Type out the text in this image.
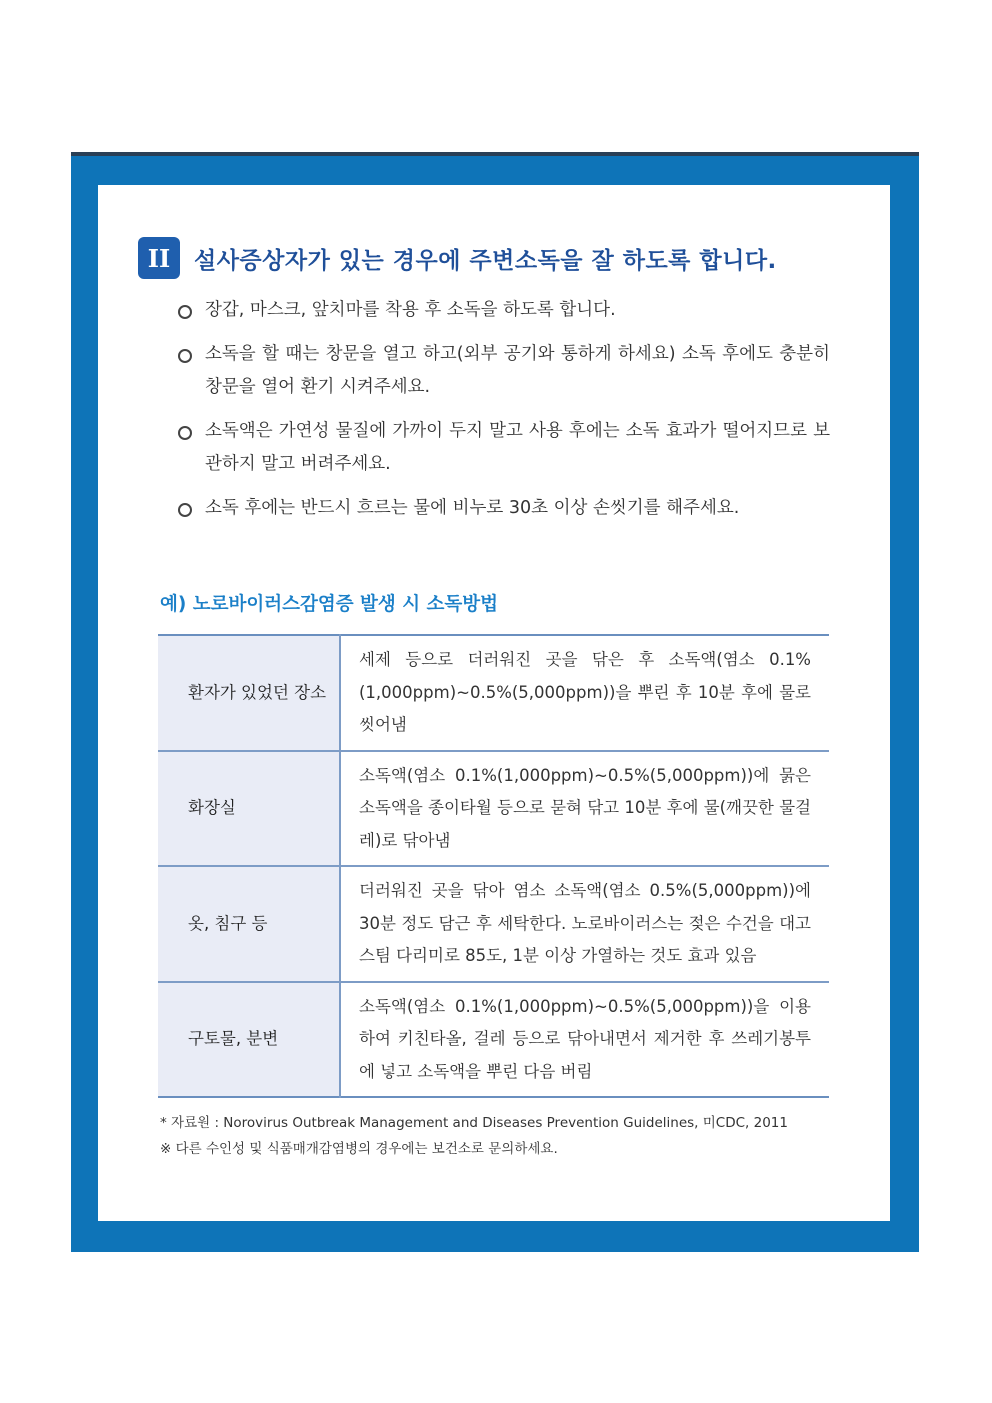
II	설사증상자가 있는 경우에 주변소독을 잘 하도록 합니다.
장갑, 마스크, 앞치마를 착용 후 소독을 하도록 합니다.
소독을 할 때는 창문을 열고 하고(외부 공기와 통하게 하세요) 소독 후에도 충분히 창문을 열어 환기 시켜주세요.
소독액은 가연성 물질에 가까이 두지 말고 사용 후에는 소독 효과가 떨어지므로 보관하지 말고 버려주세요.
소독 후에는 반드시 흐르는 물에 비누로 30초 이상 손씻기를 해주세요.
예) 노로바이러스감염증 발생 시 소독방법
환자가 있었던 장소	세제 등으로 더러워진 곳을 닦은 후 소독액(염소 0.1%(1,000ppm)~0.5%(5,000ppm))을 뿌린 후 10분 후에 물로 씻어냄
화장실	소독액(염소 0.1%(1,000ppm)~0.5%(5,000ppm))에 묽은 소독액을 종이타월 등으로 묻혀 닦고 10분 후에 물(깨끗한 물걸레)로 닦아냄
옷, 침구 등	더러워진 곳을 닦아 염소 소독액(염소 0.5%(5,000ppm))에 30분 정도 담근 후 세탁한다. 노로바이러스는 젖은 수건을 대고 스팀 다리미로 85도, 1분 이상 가열하는 것도 효과 있음
구토물, 분변	소독액(염소 0.1%(1,000ppm)~0.5%(5,000ppm))을 이용하여 키친타올, 걸레 등으로 닦아내면서 제거한 후 쓰레기봉투에 넣고 소독액을 뿌린 다음 버림
* 자료원 : Norovirus Outbreak Management and Diseases Prevention Guidelines, 미CDC, 2011
※ 다른 수인성 및 식품매개감염병의 경우에는 보건소로 문의하세요.
